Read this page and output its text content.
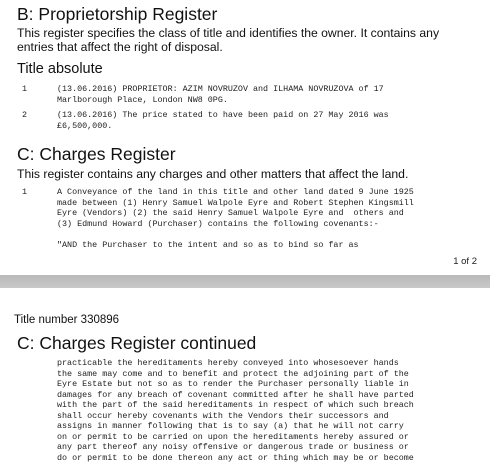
B: Proprietorship Register
This register specifies the class of title and identifies the owner. It contains any entries that affect the right of disposal.
Title absolute
1	(13.06.2016) PROPRIETOR: AZIM NOVRUZOV and ILHAMA NOVRUZOVA of 17
Marlborough Place, London NW8 0PG.
2	(13.06.2016) The price stated to have been paid on 27 May 2016 was
£6,500,000.
C: Charges Register
This register contains any charges and other matters that affect the land.
1	A Conveyance of the land in this title and other land dated 9 June 1925
made between (1) Henry Samuel Walpole Eyre and Robert Stephen Kingsmill
Eyre (Vendors) (2) the said Henry Samuel Walpole Eyre and  others and
(3) Edmund Howard (Purchaser) contains the following covenants:-

"AND the Purchaser to the intent and so as to bind so far as
1 of 2
Title number 330896
C: Charges Register continued
practicable the hereditaments hereby conveyed into whosesoever hands
the same may come and to benefit and protect the adjoining part of the
Eyre Estate but not so as to render the Purchaser personally liable in
damages for any breach of covenant committed after he shall have parted
with the part of the said hereditaments in respect of which such breach
shall occur hereby covenants with the Vendors their successors and
assigns in manner following that is to say (a) that he will not carry
on or permit to be carried on upon the hereditaments hereby assured or
any part thereof any noisy offensive or dangerous trade or business or
do or permit to be done thereon any act or thing which may be or become
